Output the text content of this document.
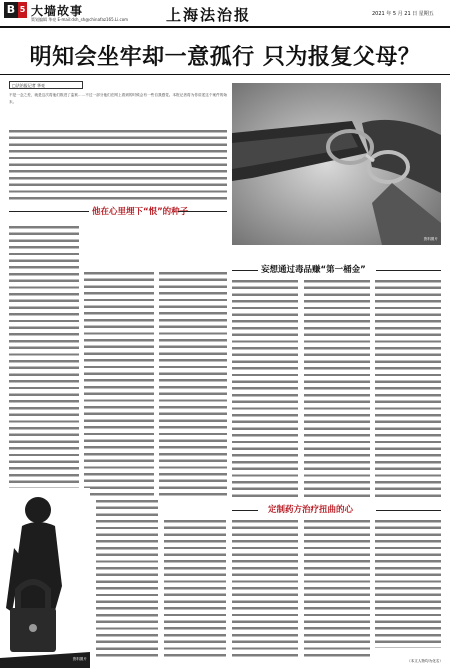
B 5 大墙故事
策划编辑 华亮 E-mail:dsh_sh@chinafaz165.Li.com	上海法治报	2021 年 5 月 21 日 星期五
明知会坐牢却一意孤行 只为报复父母？
□法治报记者 华亮
不是一念之差，就是这次将他们推进了监狱……不过一部分他们在网上看到的时候会有一些自我感觉。本报记者将为你讲述这个案件的始末。
他在心里埋下“恨”的种子
资料图片
妄想通过毒品赚“第一桶金”
资料图片
定制药方治疗扭曲的心
（本文人物均为化名）
